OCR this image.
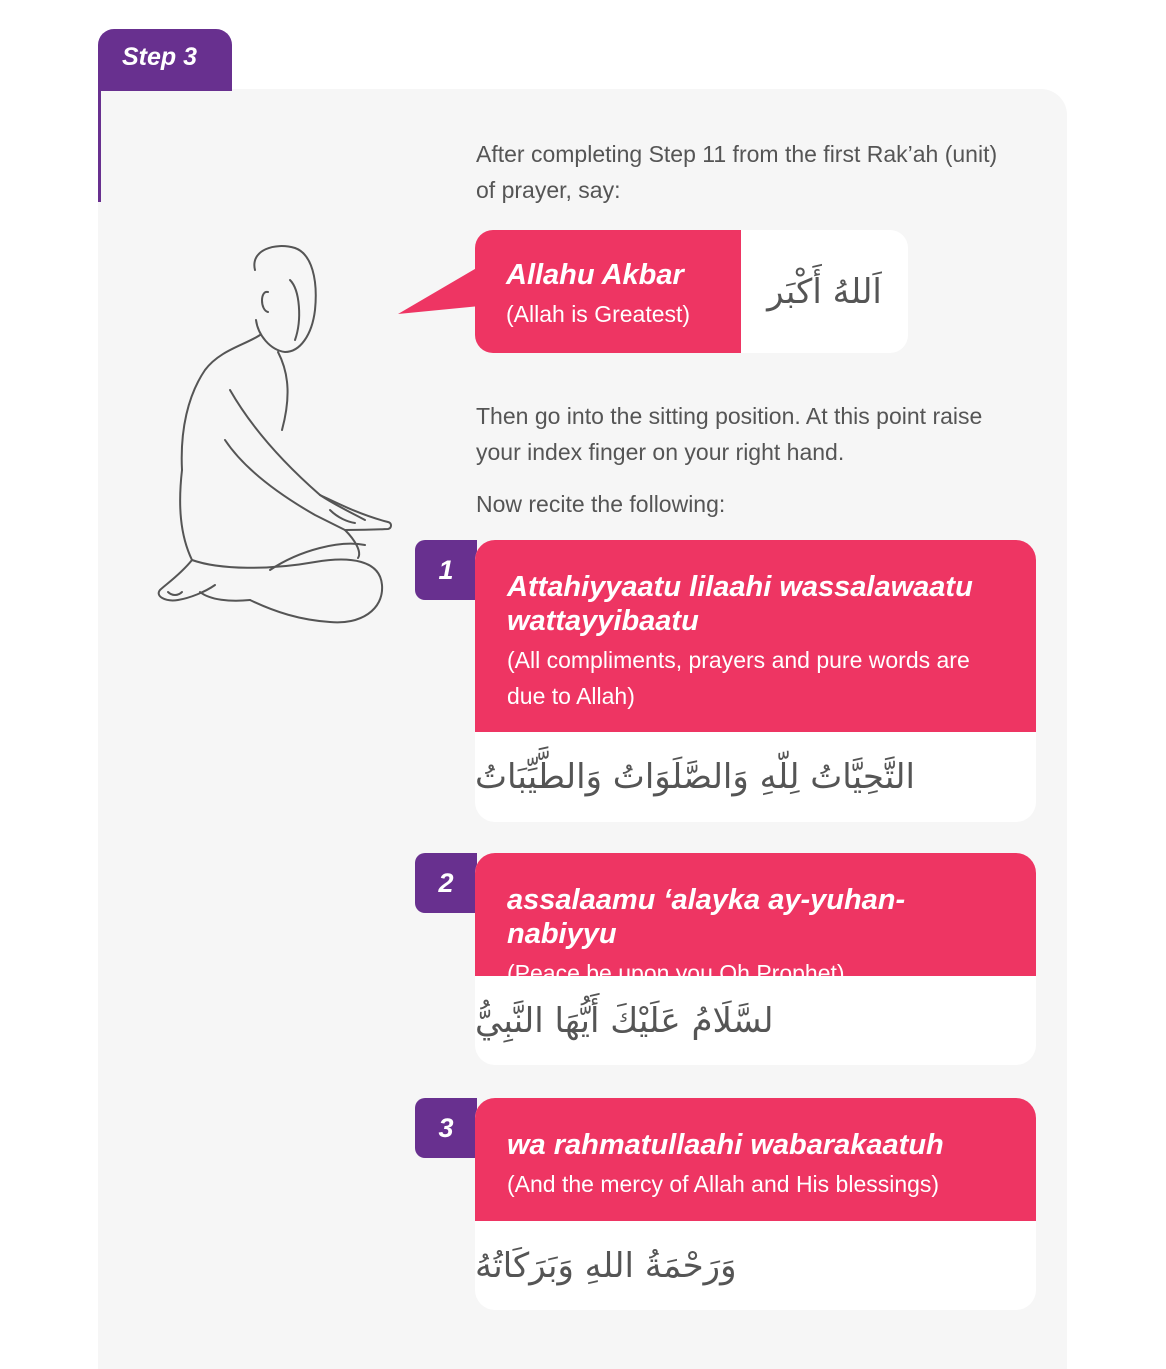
Step 3

After completing Step 11 from the first Rak’ah (unit) of prayer, say:

Allahu Akbar
(Allah is Greatest)
اَللهُ أَكْبَر

Then go into the sitting position. At this point raise your index finger on your right hand.

Now recite the following:

1
Attahiyyaatu lilaahi wassalawaatu wattayyibaatu
(All compliments, prayers and pure words are due to Allah)
التَّحِيَّاتُ لِلّهِ وَالصَّلَوَاتُ وَالطَّيِّبَاتُ
2
assalaamu ‘alayka ay-yuhan-nabiyyu
(Peace be upon you Oh Prophet)
لسَّلَامُ عَلَيْكَ أَيُّهَا النَّبِيُّ
3
wa rahmatullaahi wabarakaatuh
(And the mercy of Allah and His blessings)
وَرَحْمَةُ اللهِ وَبَرَكَاتُهُ
